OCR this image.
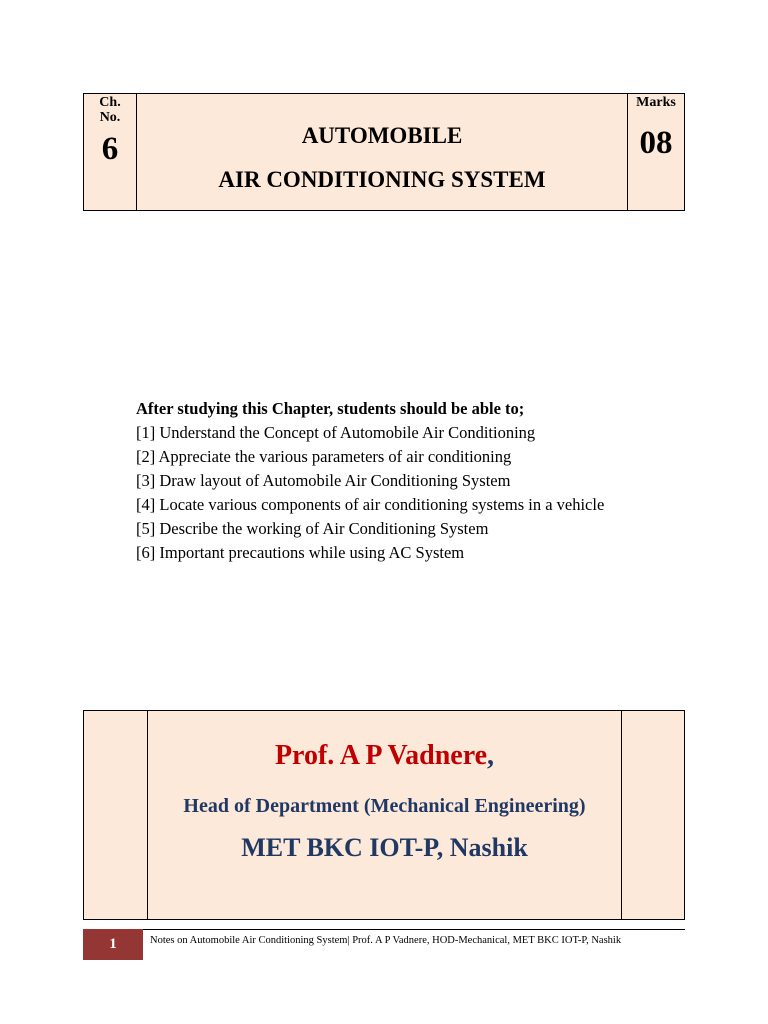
Ch.
No.
6	AUTOMOBILE
AIR CONDITIONING SYSTEM
Marks
08
After studying this Chapter, students should be able to;
[1] Understand the Concept of Automobile Air Conditioning
[2] Appreciate the various parameters of air conditioning
[3] Draw layout of Automobile Air Conditioning System
[4] Locate various components of air conditioning systems in a vehicle
[5] Describe the working of Air Conditioning System
[6] Important precautions while using AC System
Prof. A P Vadnere,
Head of Department (Mechanical Engineering)
MET BKC IOT-P, Nashik
1	Notes on Automobile Air Conditioning System| Prof. A P Vadnere, HOD-Mechanical, MET BKC IOT-P, Nashik
